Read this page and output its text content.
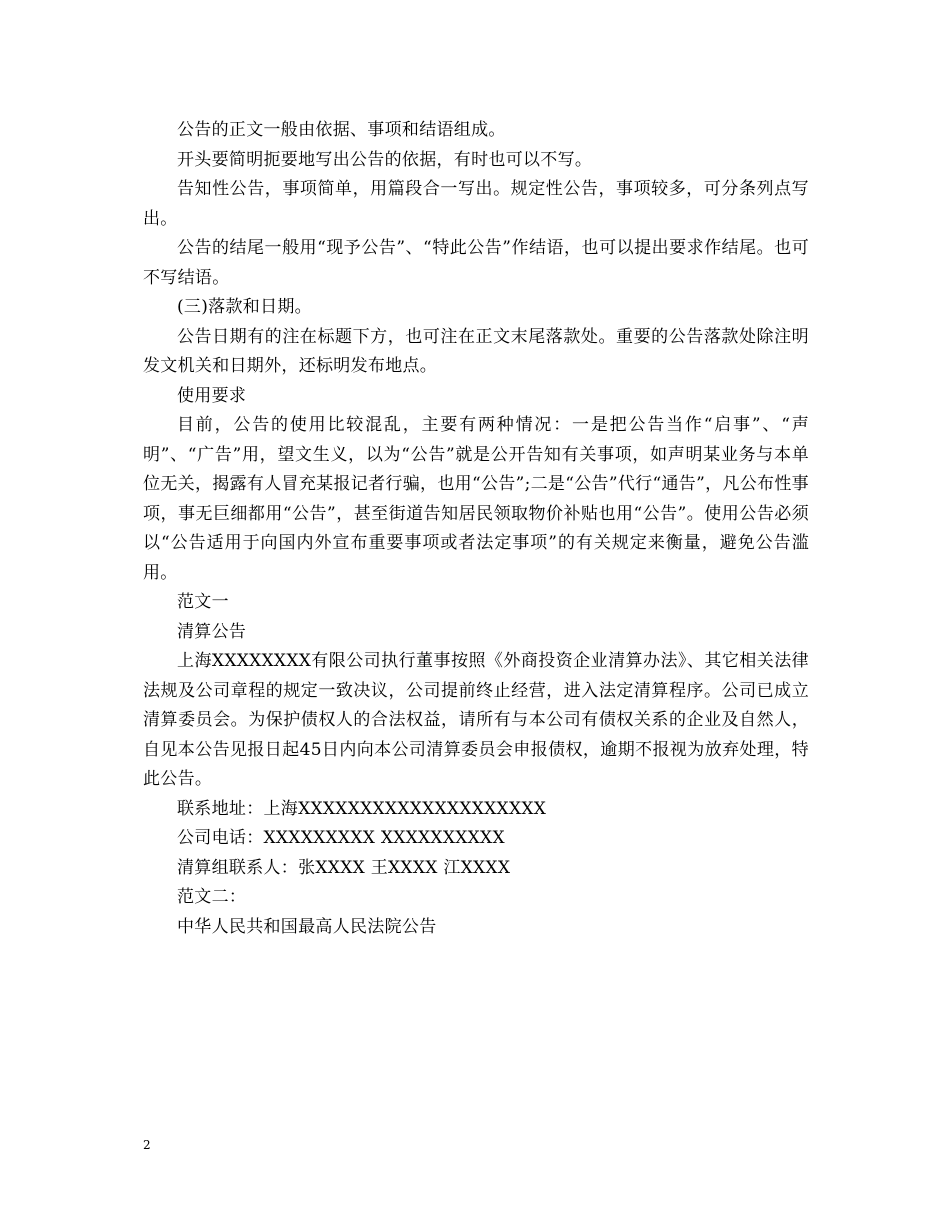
公告的正文一般由依据、事项和结语组成。

开头要简明扼要地写出公告的依据，有时也可以不写。

告知性公告，事项简单，用篇段合一写出。规定性公告，事项较多，可分条列点写出。

公告的结尾一般用“现予公告”、“特此公告”作结语，也可以提出要求作结尾。也可不写结语。

(三)落款和日期。

公告日期有的注在标题下方，也可注在正文末尾落款处。重要的公告落款处除注明发文机关和日期外，还标明发布地点。

使用要求

目前，公告的使用比较混乱，主要有两种情况：一是把公告当作“启事”、“声明”、“广告”用，望文生义，以为“公告”就是公开告知有关事项，如声明某业务与本单位无关，揭露有人冒充某报记者行骗，也用“公告”;二是“公告”代行“通告”，凡公布性事项，事无巨细都用“公告”，甚至街道告知居民领取物价补贴也用“公告”。使用公告必须以“公告适用于向国内外宣布重要事项或者法定事项”的有关规定来衡量，避免公告滥用。

范文一

清算公告

上海XXXXXXXX有限公司执行董事按照《外商投资企业清算办法》、其它相关法律法规及公司章程的规定一致决议，公司提前终止经营，进入法定清算程序。公司已成立清算委员会。为保护债权人的合法权益，请所有与本公司有债权关系的企业及自然人，自见本公告见报日起45日内向本公司清算委员会申报债权，逾期不报视为放弃处理，特此公告。

联系地址：上海XXXXXXXXXXXXXXXXXXXX

公司电话：XXXXXXXXX XXXXXXXXXX

清算组联系人：张XXXX 王XXXX 江XXXX

范文二：

中华人民共和国最高人民法院公告

2
